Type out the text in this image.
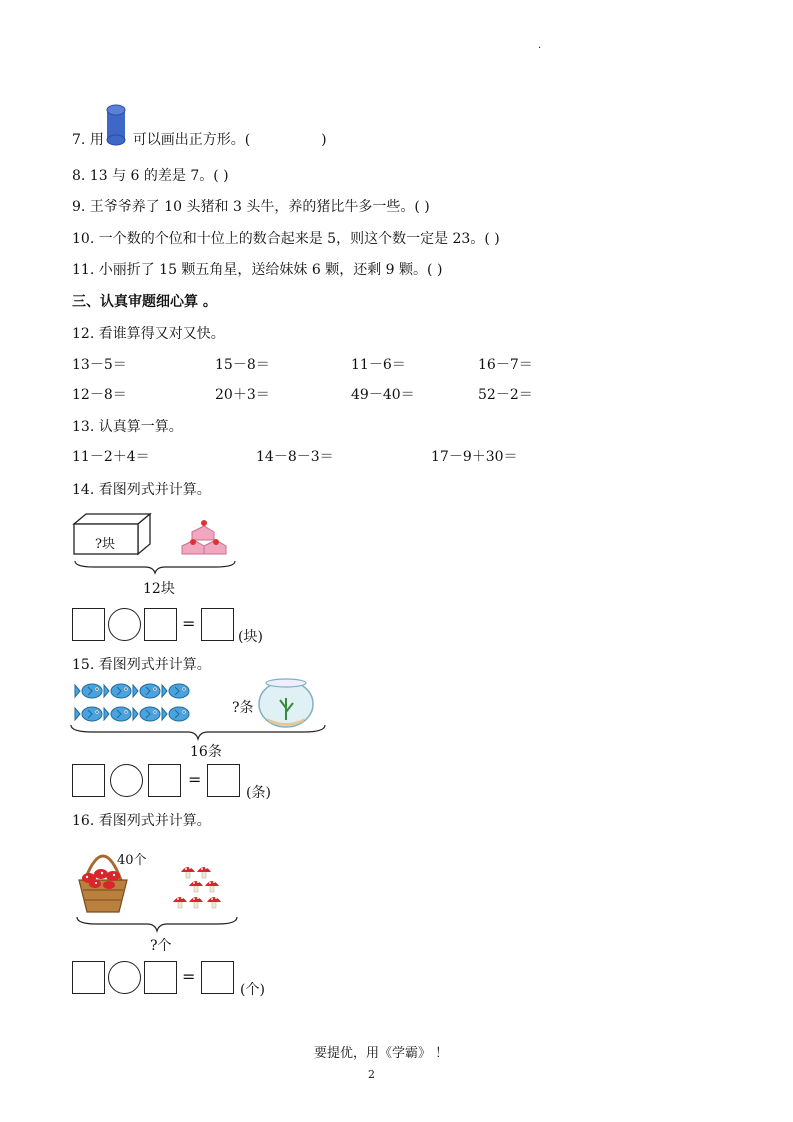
.
7. 用 可以画出正方形。(	)
8. 13 与 6 的差是 7。( )
9. 王爷爷养了 10 头猪和 3 头牛，养的猪比牛多一些。( )
10. 一个数的个位和十位上的数合起来是 5，则这个数一定是 23。( )
11. 小丽折了 15 颗五角星，送给妹妹 6 颗，还剩 9 颗。( )
三、认真审题细心算 。
12. 看谁算得又对又快。
13－5＝	15－8＝	11－6＝	16－7＝
12－8＝	20＋3＝	49－40＝	52－2＝
13. 认真算一算。
11－2＋4＝	14－8－3＝	17－9＋30＝
14. 看图列式并计算。
?块
12块
=
(块)
15. 看图列式并计算。
?条
16条
=
(条)
16. 看图列式并计算。
40个
?个
=
(个)
要提优，用《学霸》 ！
2
